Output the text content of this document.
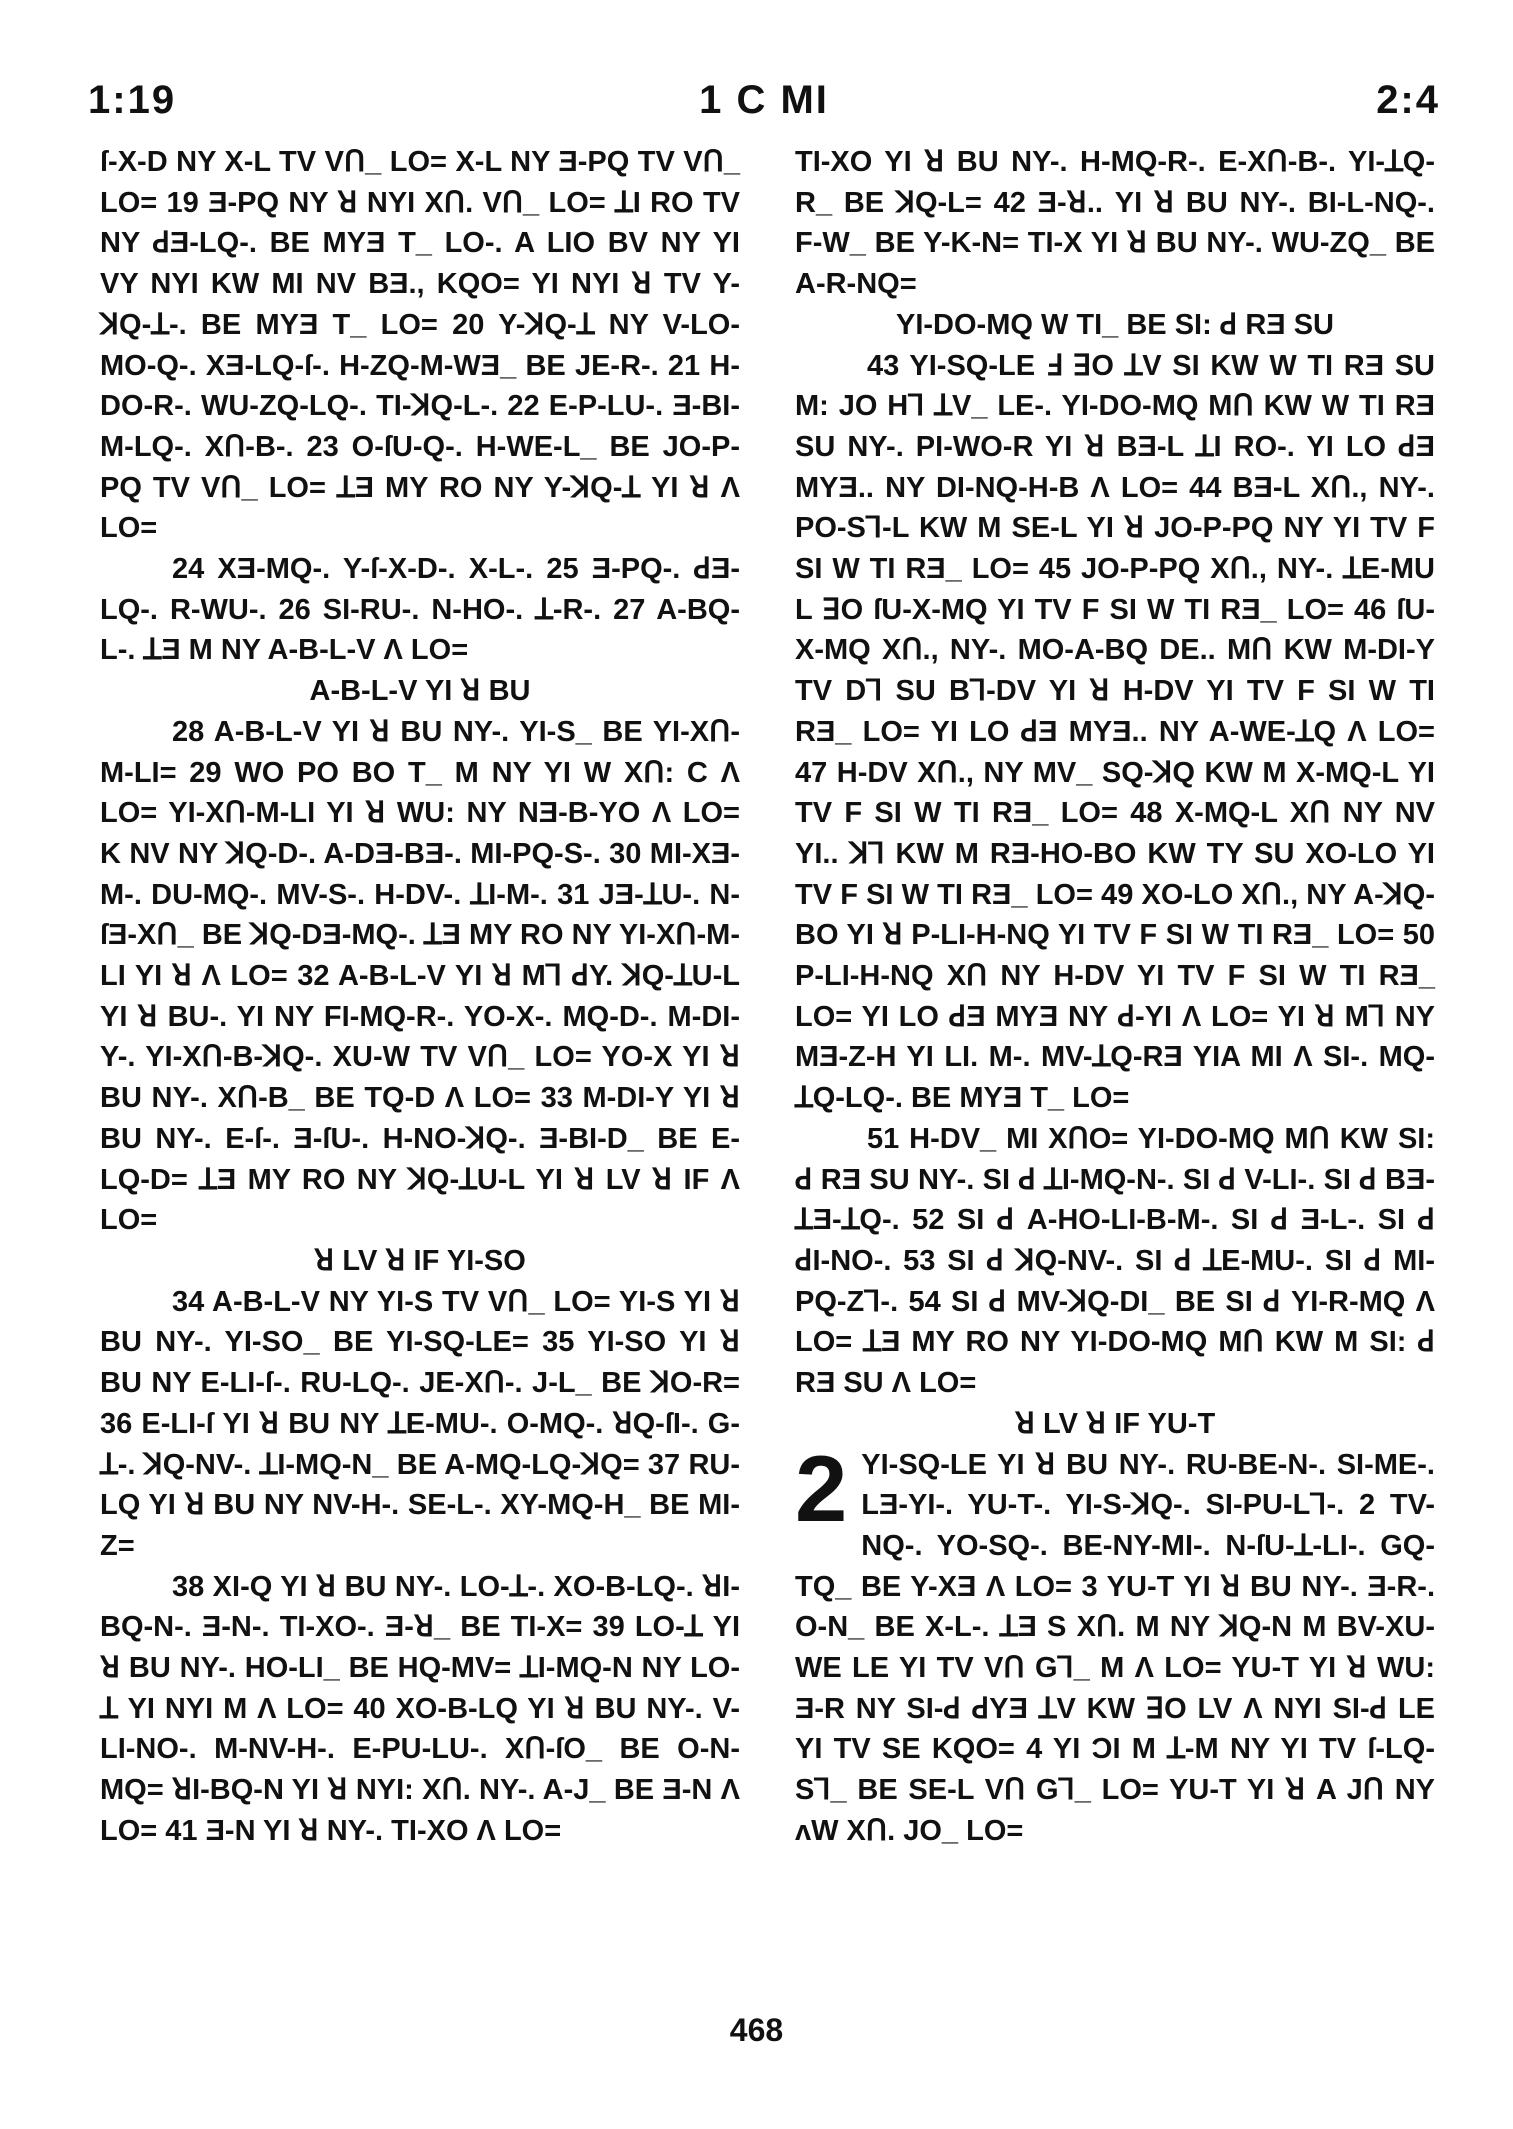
1:19	1 C MI	2:4

ſ-X-D NY X-L TV VՈ_ LO= X-L NY Ǝ-PQ TV VՈ_ LO= 19 Ǝ-PQ NY ꓤ NYI XՈ. VՈ_ LO= ꓕI RO TV NY ꓒƎ-LQ-. BE MYƎ T_ LO-. A LIO BV NY YI VY NYI KW MI NV BƎ., KQO= YI NYI ꓤ TV Y-ꓘQ-ꓕ-. BE MYƎ T_ LO= 20 Y-ꓘQ-ꓕ NY V-LO-MO-Q-. XƎ-LQ-ſ-. H-ZQ-M-WƎ_ BE JE-R-. 21 H-DO-R-. WU-ZQ-LQ-. TI-ꓘQ-L-. 22 E-P-LU-. Ǝ-BI-M-LQ-. XՈ-B-. 23 O-ſU-Q-. H-WE-L_ BE JO-P-PQ TV VՈ_ LO= ꓕƎ MY RO NY Y-ꓘQ-ꓕ YI ꓤ Λ LO=

24 XƎ-MQ-. Y-ſ-X-D-. X-L-. 25 Ǝ-PQ-. ꓒƎ-LQ-. R-WU-. 26 SI-RU-. N-HO-. ꓕ-R-. 27 A-BQ-L-. ꓕƎ M NY A-B-L-V Λ LO=

A-B-L-V YI ꓤ BU

28 A-B-L-V YI ꓤ BU NY-. YI-S_ BE YI-XՈ-M-LI= 29 WO PO BO T_ M NY YI W XՈ: C Λ LO= YI-XՈ-M-LI YI ꓤ WU: NY NƎ-B-YO Λ LO= K NV NY ꓘQ-D-. A-DƎ-BƎ-. MI-PQ-S-. 30 MI-XƎ-M-. DU-MQ-. MV-S-. H-DV-. ꓕI-M-. 31 JƎ-ꓕU-. N-ſƎ-XՈ_ BE ꓘQ-DƎ-MQ-. ꓕƎ MY RO NY YI-XՈ-M-LI YI ꓤ Λ LO= 32 A-B-L-V YI ꓤ M⅂ ꓒY. ꓘQ-ꓕU-L YI ꓤ BU-. YI NY FI-MQ-R-. YO-X-. MQ-D-. M-DI-Y-. YI-XՈ-B-ꓘQ-. XU-W TV VՈ_ LO= YO-X YI ꓤ BU NY-. XՈ-B_ BE TQ-D Λ LO= 33 M-DI-Y YI ꓤ BU NY-. E-ſ-. Ǝ-ſU-. H-NO-ꓘQ-. Ǝ-BI-D_ BE E-LQ-D= ꓕƎ MY RO NY ꓘQ-ꓕU-L YI ꓤ LV ꓤ IF Λ LO=

ꓤ LV ꓤ IF YI-SO

34 A-B-L-V NY YI-S TV VՈ_ LO= YI-S YI ꓤ BU NY-. YI-SO_ BE YI-SQ-LE= 35 YI-SO YI ꓤ BU NY E-LI-ſ-. RU-LQ-. JE-XՈ-. J-L_ BE ꓘO-R= 36 E-LI-ſ YI ꓤ BU NY ꓕE-MU-. O-MQ-. ꓤQ-ſI-. G-ꓕ-. ꓘQ-NV-. ꓕI-MQ-N_ BE A-MQ-LQ-ꓘQ= 37 RU-LQ YI ꓤ BU NY NV-H-. SE-L-. XY-MQ-H_ BE MI-Z=

38 XI-Q YI ꓤ BU NY-. LO-ꓕ-. XO-B-LQ-. ꓤI-BQ-N-. Ǝ-N-. TI-XO-. Ǝ-ꓤ_ BE TI-X= 39 LO-ꓕ YI ꓤ BU NY-. HO-LI_ BE HQ-MV= ꓕI-MQ-N NY LO-ꓕ YI NYI M Λ LO= 40 XO-B-LQ YI ꓤ BU NY-. V-LI-NO-. M-NV-H-. E-PU-LU-. XՈ-ſO_ BE O-N-MQ= ꓤI-BQ-N YI ꓤ NYI: XՈ. NY-. A-J_ BE Ǝ-N Λ LO= 41 Ǝ-N YI ꓤ NY-. TI-XO Λ LO=

TI-XO YI ꓤ BU NY-. H-MQ-R-. E-XՈ-B-. YI-ꓕQ-R_ BE ꓘQ-L= 42 Ǝ-ꓤ.. YI ꓤ BU NY-. BI-L-NQ-. F-W_ BE Y-K-N= TI-X YI ꓤ BU NY-. WU-ZQ_ BE A-R-NQ=

YI-DO-MQ W TI_ BE SI: ꓒ RƎ SU

43 YI-SQ-LE Ⅎ ꓱO ꓕV SI KW W TI RƎ SU M: JO H⅂ ꓕV_ LE-. YI-DO-MQ MՈ KW W TI RƎ SU NY-. PI-WO-R YI ꓤ BƎ-L ꓕI RO-. YI LO ꓒƎ MYƎ.. NY DI-NQ-H-B Λ LO= 44 BƎ-L XՈ., NY-. PO-S⅂-L KW M SE-L YI ꓤ JO-P-PQ NY YI TV F SI W TI RƎ_ LO= 45 JO-P-PQ XՈ., NY-. ꓕE-MU L ꓱO ſU-X-MQ YI TV F SI W TI RƎ_ LO= 46 ſU-X-MQ XՈ., NY-. MO-A-BQ DE.. MՈ KW M-DI-Y TV D⅂ SU B⅂-DV YI ꓤ H-DV YI TV F SI W TI RƎ_ LO= YI LO ꓒƎ MYƎ.. NY A-WE-ꓕQ Λ LO= 47 H-DV XՈ., NY MV_ SQ-ꓘQ KW M X-MQ-L YI TV F SI W TI RƎ_ LO= 48 X-MQ-L XՈ NY NV YI.. ꓘ⅂ KW M RƎ-HO-BO KW TY SU XO-LO YI TV F SI W TI RƎ_ LO= 49 XO-LO XՈ., NY A-ꓘQ-BO YI ꓤ P-LI-H-NQ YI TV F SI W TI RƎ_ LO= 50 P-LI-H-NQ XՈ NY H-DV YI TV F SI W TI RƎ_ LO= YI LO ꓒƎ MYƎ NY ꓒ-YI Λ LO= YI ꓤ M⅂ NY MƎ-Z-H YI LI. M-. MV-ꓕQ-RƎ YIA MI Λ SI-. MQ-ꓕQ-LQ-. BE MYƎ T_ LO=

51 H-DV_ MI XՈO= YI-DO-MQ MՈ KW SI: ꓒ RƎ SU NY-. SI ꓒ ꓕI-MQ-N-. SI ꓒ V-LI-. SI ꓒ BƎ-ꓕƎ-ꓕQ-. 52 SI ꓒ A-HO-LI-B-M-. SI ꓒ Ǝ-L-. SI ꓒ ꓒI-NO-. 53 SI ꓒ ꓘQ-NV-. SI ꓒ ꓕE-MU-. SI ꓒ MI-PQ-Z⅂-. 54 SI ꓒ MV-ꓘQ-DI_ BE SI ꓒ YI-R-MQ Λ LO= ꓕƎ MY RO NY YI-DO-MQ MՈ KW M SI: ꓒ RƎ SU Λ LO=

ꓤ LV ꓤ IF YU-T

2 YI-SQ-LE YI ꓤ BU NY-. RU-BE-N-. SI-ME-. LƎ-YI-. YU-T-. YI-S-ꓘQ-. SI-PU-L⅂-. 2 TV-NQ-. YO-SQ-. BE-NY-MI-. N-ſU-ꓕ-LI-. GQ-TQ_ BE Y-XƎ Λ LO= 3 YU-T YI ꓤ BU NY-. Ǝ-R-. O-N_ BE X-L-. ꓕƎ S XՈ. M NY ꓘQ-N M BV-XU-WE LE YI TV VՈ G⅂_ M Λ LO= YU-T YI ꓤ WU: Ǝ-R NY SI-ꓒ ꓒYƎ ꓕV KW ꓱO LV Λ NYI SI-ꓒ LE YI TV SE KQO= 4 YI ƆI M ꓕ-M NY YI TV ſ-LQ-S⅂_ BE SE-L VՈ G⅂_ LO= YU-T YI ꓤ A JՈ NY ʌW XՈ. JO_ LO=

468
